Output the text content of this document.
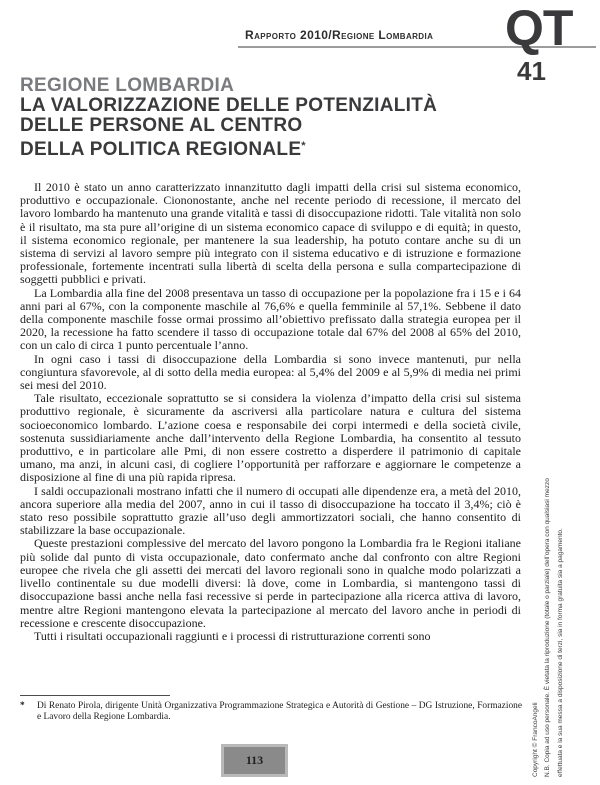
Rapporto 2010/Regione Lombardia QT
41
REGIONE LOMBARDIA
LA VALORIZZAZIONE DELLE POTENZIALITÀ
DELLE PERSONE AL CENTRO
DELLA POLITICA REGIONALE*

Il 2010 è stato un anno caratterizzato innanzitutto dagli impatti della crisi sul sistema economico, produttivo e occupazionale. Ciononostante, anche nel recente periodo di recessione, il mercato del lavoro lombardo ha mantenuto una grande vitalità e tassi di disoccupazione ridotti. Tale vitalità non solo è il risultato, ma sta pure all’origine di un sistema economico capace di sviluppo e di equità; in questo, il sistema economico regionale, per mantenere la sua leadership, ha potuto contare anche su di un sistema di servizi al lavoro sempre più integrato con il sistema educativo e di istruzione e formazione professionale, fortemente incentrati sulla libertà di scelta della persona e sulla compartecipazione di soggetti pubblici e privati.

La Lombardia alla fine del 2008 presentava un tasso di occupazione per la popolazione fra i 15 e i 64 anni pari al 67%, con la componente maschile al 76,6% e quella femminile al 57,1%. Sebbene il dato della componente maschile fosse ormai prossimo all’obiettivo prefissato dalla strategia europea per il 2020, la recessione ha fatto scendere il tasso di occupazione totale dal 67% del 2008 al 65% del 2010, con un calo di circa 1 punto percentuale l’anno.

In ogni caso i tassi di disoccupazione della Lombardia si sono invece mantenuti, pur nella congiuntura sfavorevole, al di sotto della media europea: al 5,4% del 2009 e al 5,9% di media nei primi sei mesi del 2010.

Tale risultato, eccezionale soprattutto se si considera la violenza d’impatto della crisi sul sistema produttivo regionale, è sicuramente da ascriversi alla particolare natura e cultura del sistema socioeconomico lombardo. L’azione coesa e responsabile dei corpi intermedi e della società civile, sostenuta sussidiariamente anche dall’intervento della Regione Lombardia, ha consentito al tessuto produttivo, e in particolare alle Pmi, di non essere costretto a disperdere il patrimonio di capitale umano, ma anzi, in alcuni casi, di cogliere l’opportunità per rafforzare e aggiornare le competenze a disposizione al fine di una più rapida ripresa.

I saldi occupazionali mostrano infatti che il numero di occupati alle dipendenze era, a metà del 2010, ancora superiore alla media del 2007, anno in cui il tasso di disoccupazione ha toccato il 3,4%; ciò è stato reso possibile soprattutto grazie all’uso degli ammortizzatori sociali, che hanno consentito di stabilizzare la base occupazionale.

Queste prestazioni complessive del mercato del lavoro pongono la Lombardia fra le Regioni italiane più solide dal punto di vista occupazionale, dato confermato anche dal confronto con altre Regioni europee che rivela che gli assetti dei mercati del lavoro regionali sono in qualche modo polarizzati a livello continentale su due modelli diversi: là dove, come in Lombardia, si mantengono tassi di disoccupazione bassi anche nella fasi recessive si perde in partecipazione alla ricerca attiva di lavoro, mentre altre Regioni mantengono elevata la partecipazione al mercato del lavoro anche in periodi di recessione e crescente disoccupazione.

Tutti i risultati occupazionali raggiunti e i processi di ristrutturazione correnti sono

* Di Renato Pirola, dirigente Unità Organizzativa Programmazione Strategica e Autorità di Gestione – DG Istruzione, Formazione e Lavoro della Regione Lombardia.
113	Copyright © FrancoAngeli N.B. Copia ad uso personale. È vietata la riproduzione (totale o parziale) dell’opera con qualsiasi mezzo effettuata e la sua messa a disposizione di terzi, sia in forma gratuita sia a pagamento.
